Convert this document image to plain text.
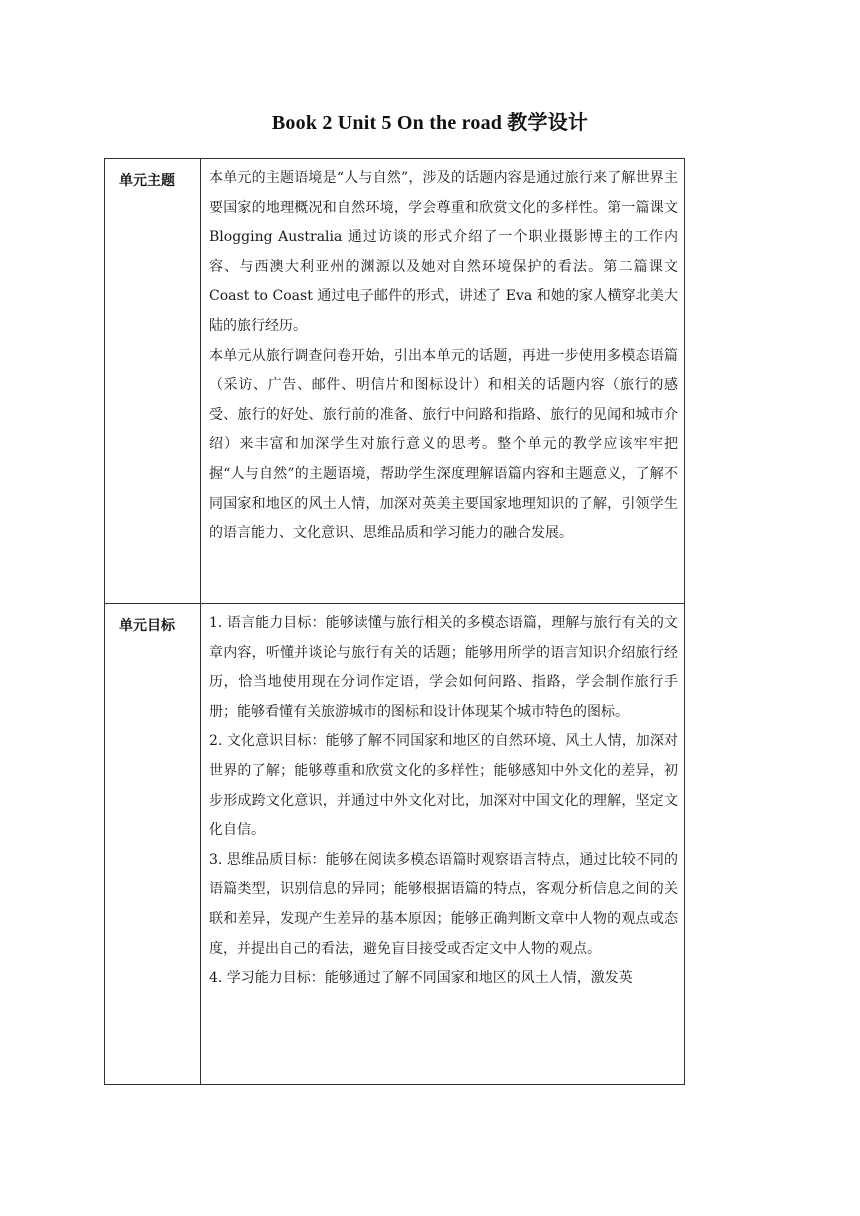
Book 2 Unit 5 On the road 教学设计
单元主题	本单元的主题语境是“人与自然”，涉及的话题内容是通过旅行来了解世界主要国家的地理概况和自然环境，学会尊重和欣赏文化的多样性。第一篇课文 Blogging Australia 通过访谈的形式介绍了一个职业摄影博主的工作内容、与西澳大利亚州的渊源以及她对自然环境保护的看法。第二篇课文 Coast to Coast 通过电子邮件的形式，讲述了 Eva 和她的家人横穿北美大陆的旅行经历。
本单元从旅行调查问卷开始，引出本单元的话题，再进一步使用多模态语篇（采访、广告、邮件、明信片和图标设计）和相关的话题内容（旅行的感受、旅行的好处、旅行前的准备、旅行中问路和指路、旅行的见闻和城市介绍）来丰富和加深学生对旅行意义的思考。整个单元的教学应该牢牢把握“人与自然”的主题语境，帮助学生深度理解语篇内容和主题意义，了解不同国家和地区的风土人情，加深对英美主要国家地理知识的了解，引领学生的语言能力、文化意识、思维品质和学习能力的融合发展。

单元目标	1. 语言能力目标：能够读懂与旅行相关的多模态语篇，理解与旅行有关的文章内容，听懂并谈论与旅行有关的话题；能够用所学的语言知识介绍旅行经历，恰当地使用现在分词作定语，学会如何问路、指路，学会制作旅行手册；能够看懂有关旅游城市的图标和设计体现某个城市特色的图标。
2. 文化意识目标：能够了解不同国家和地区的自然环境、风土人情，加深对世界的了解；能够尊重和欣赏文化的多样性；能够感知中外文化的差异，初步形成跨文化意识，并通过中外文化对比，加深对中国文化的理解，坚定文化自信。
3. 思维品质目标：能够在阅读多模态语篇时观察语言特点，通过比较不同的语篇类型，识别信息的异同；能够根据语篇的特点，客观分析信息之间的关联和差异，发现产生差异的基本原因；能够正确判断文章中人物的观点或态度，并提出自己的看法，避免盲目接受或否定文中人物的观点。
4. 学习能力目标：能够通过了解不同国家和地区的风土人情，激发英
